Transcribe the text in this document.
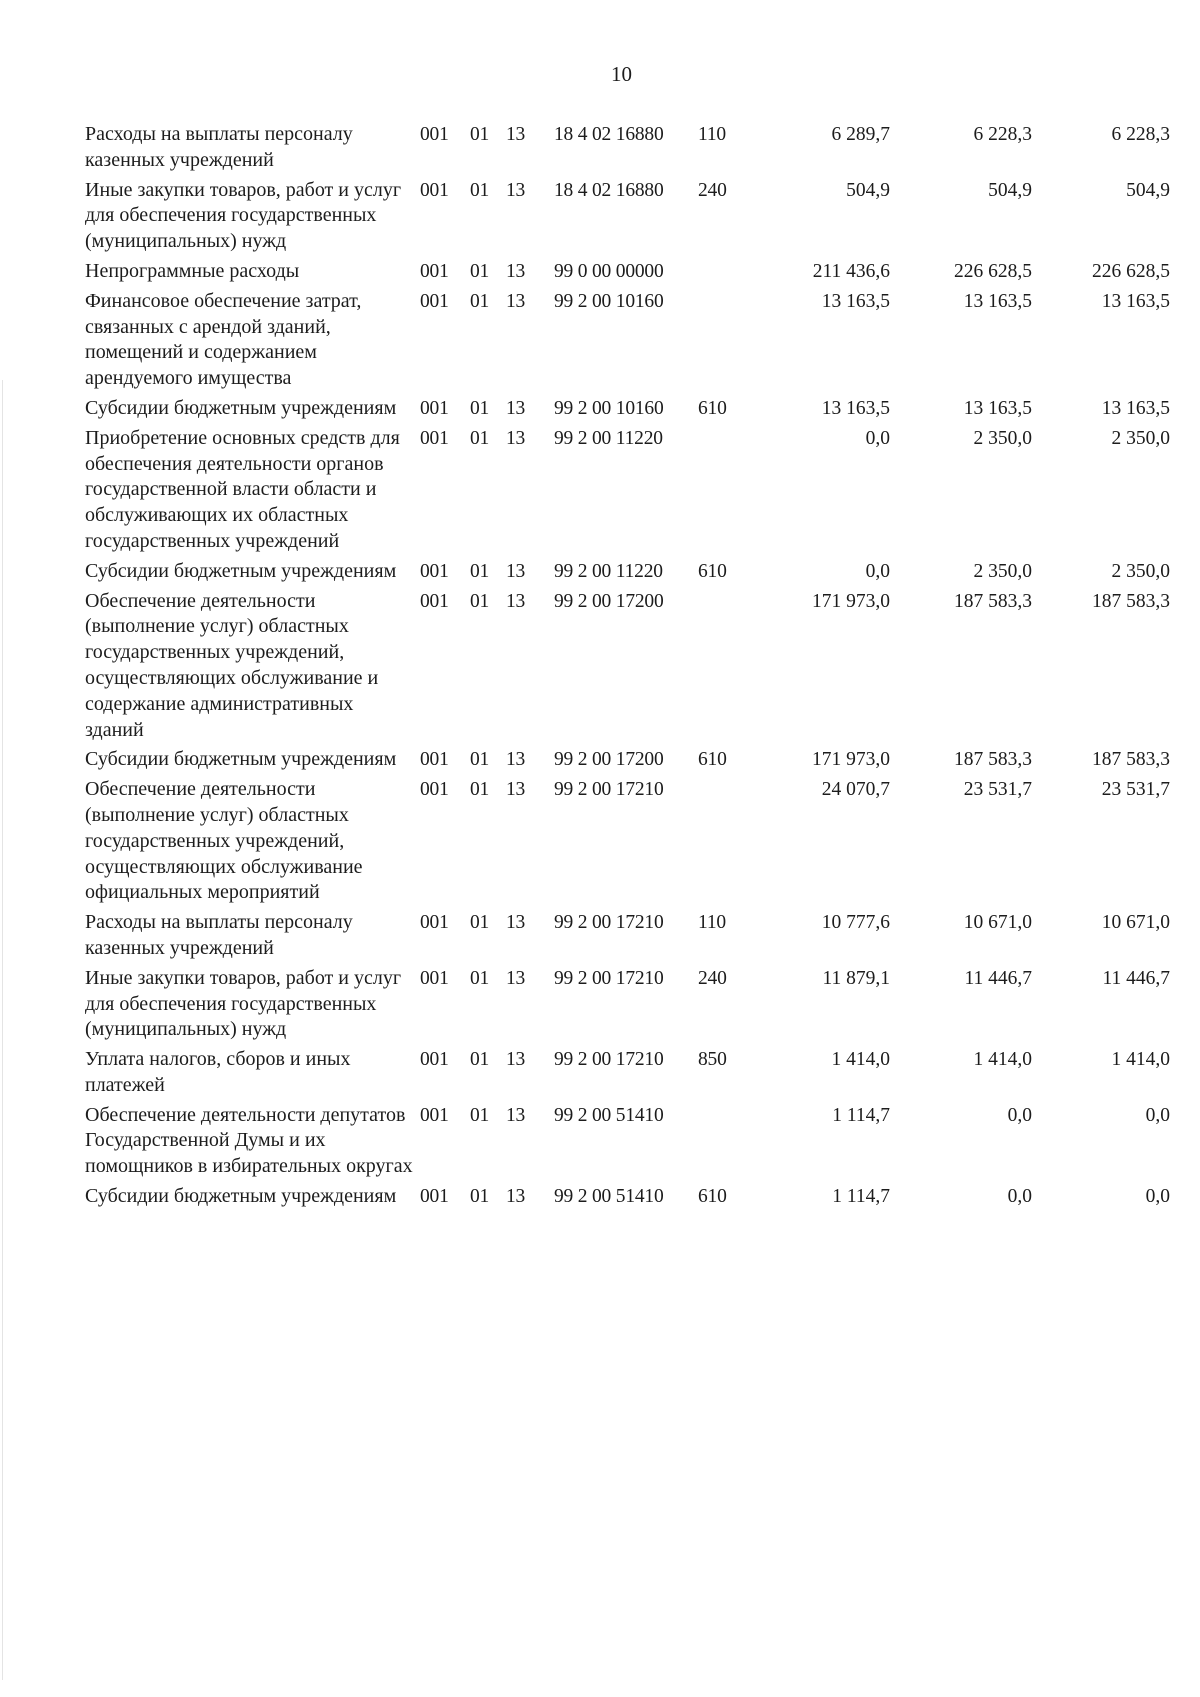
10
Расходы на выплаты персоналу казенных учреждений	001	01	13	18 4 02 16880	110	6 289,7	6 228,3	6 228,3
Иные закупки товаров, работ и услуг для обеспечения государственных (муниципальных) нужд	001	01	13	18 4 02 16880	240	504,9	504,9	504,9
Непрограммные расходы	001	01	13	99 0 00 00000		211 436,6	226 628,5	226 628,5
Финансовое обеспечение затрат, связанных с арендой зданий, помещений и содержанием арендуемого имущества	001	01	13	99 2 00 10160		13 163,5	13 163,5	13 163,5
Субсидии бюджетным учреждениям	001	01	13	99 2 00 10160	610	13 163,5	13 163,5	13 163,5
Приобретение основных средств для обеспечения деятельности органов государственной власти области и обслуживающих их областных государственных учреждений	001	01	13	99 2 00 11220		0,0	2 350,0	2 350,0
Субсидии бюджетным учреждениям	001	01	13	99 2 00 11220	610	0,0	2 350,0	2 350,0
Обеспечение деятельности (выполнение услуг) областных государственных учреждений, осуществляющих обслуживание и содержание административных зданий	001	01	13	99 2 00 17200		171 973,0	187 583,3	187 583,3
Субсидии бюджетным учреждениям	001	01	13	99 2 00 17200	610	171 973,0	187 583,3	187 583,3
Обеспечение деятельности (выполнение услуг) областных государственных учреждений, осуществляющих обслуживание официальных мероприятий	001	01	13	99 2 00 17210		24 070,7	23 531,7	23 531,7
Расходы на выплаты персоналу казенных учреждений	001	01	13	99 2 00 17210	110	10 777,6	10 671,0	10 671,0
Иные закупки товаров, работ и услуг для обеспечения государственных (муниципальных) нужд	001	01	13	99 2 00 17210	240	11 879,1	11 446,7	11 446,7
Уплата налогов, сборов и иных платежей	001	01	13	99 2 00 17210	850	1 414,0	1 414,0	1 414,0
Обеспечение деятельности депутатов Государственной Думы и их помощников в избирательных округах	001	01	13	99 2 00 51410		1 114,7	0,0	0,0
Субсидии бюджетным учреждениям	001	01	13	99 2 00 51410	610	1 114,7	0,0	0,0
